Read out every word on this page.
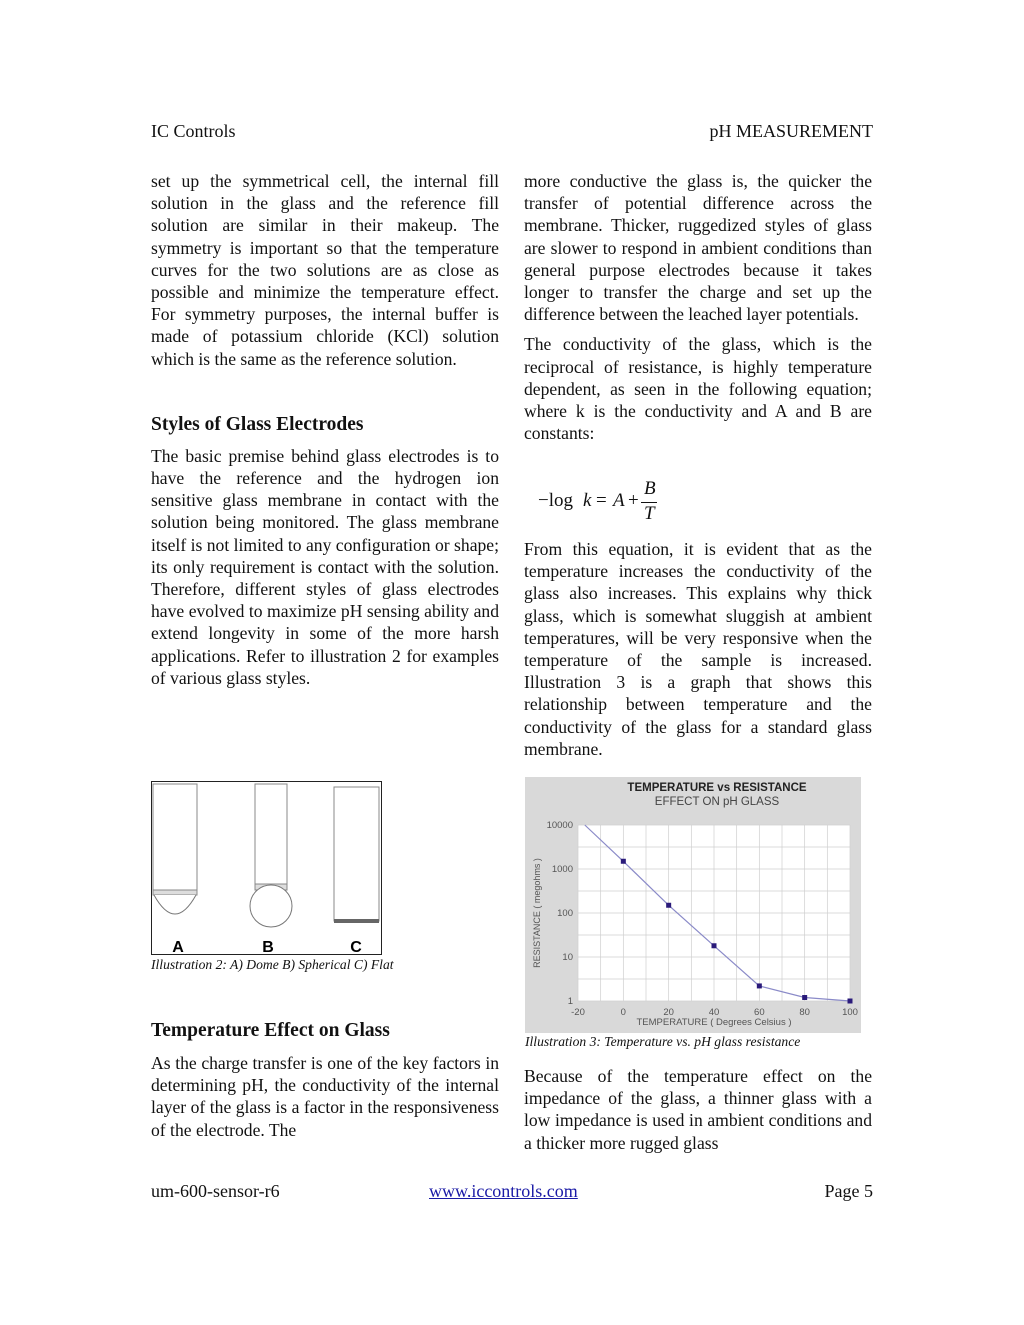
IC Controls	pH MEASUREMENT

set up the symmetrical cell, the internal fill solution in the glass and the reference fill solution are similar in their makeup. The symmetry is important so that the temperature curves for the two solutions are as close as possible and minimize the temperature effect. For symmetry purposes, the internal buffer is made of potassium chloride (KCl) solution which is the same as the reference solution.

Styles of Glass Electrodes

The basic premise behind glass electrodes is to have the reference and the hydrogen ion sensitive glass membrane in contact with the solution being monitored. The glass membrane itself is not limited to any configuration or shape; its only requirement is contact with the solution. Therefore, different styles of glass electrodes have evolved to maximize pH sensing ability and extend longevity in some of the more harsh applications. Refer to illustration 2 for examples of various glass styles.

A	B	C
Illustration 2: A) Dome B) Spherical C) Flat
Temperature Effect on Glass

As the charge transfer is one of the key factors in determining pH, the conductivity of the internal layer of the glass is a factor in the responsiveness of the electrode. The

more conductive the glass is, the quicker the transfer of potential difference across the membrane. Thicker, ruggedized styles of glass are slower to respond in ambient conditions than general purpose electrodes because it takes longer to transfer the charge and set up the difference between the leached layer potentials.

The conductivity of the glass, which is the reciprocal of resistance, is highly temperature dependent, as seen in the following equation; where k is the conductivity and A and B are constants:

−log k = A +
B
T

From this equation, it is evident that as the temperature increases the conductivity of the glass also increases. This explains why thick glass, which is somewhat sluggish at ambient temperatures, will be very responsive when the temperature of the sample is increased. Illustration 3 is a graph that shows this relationship between temperature and the conductivity of the glass for a standard glass membrane.

TEMPERATURE vs RESISTANCE
EFFECT ON pH GLASS
-20	0	20	40	60	80	100
1
10
100
1000
10000
TEMPERATURE ( Degrees Celsius )
RESISTANCE ( megohms )
Illustration 3: Temperature vs. pH glass resistance

Because of the temperature effect on the impedance of the glass, a thinner glass with a low impedance is used in ambient conditions and a thicker more rugged glass

um-600-sensor-r6	www.iccontrols.com	Page 5
